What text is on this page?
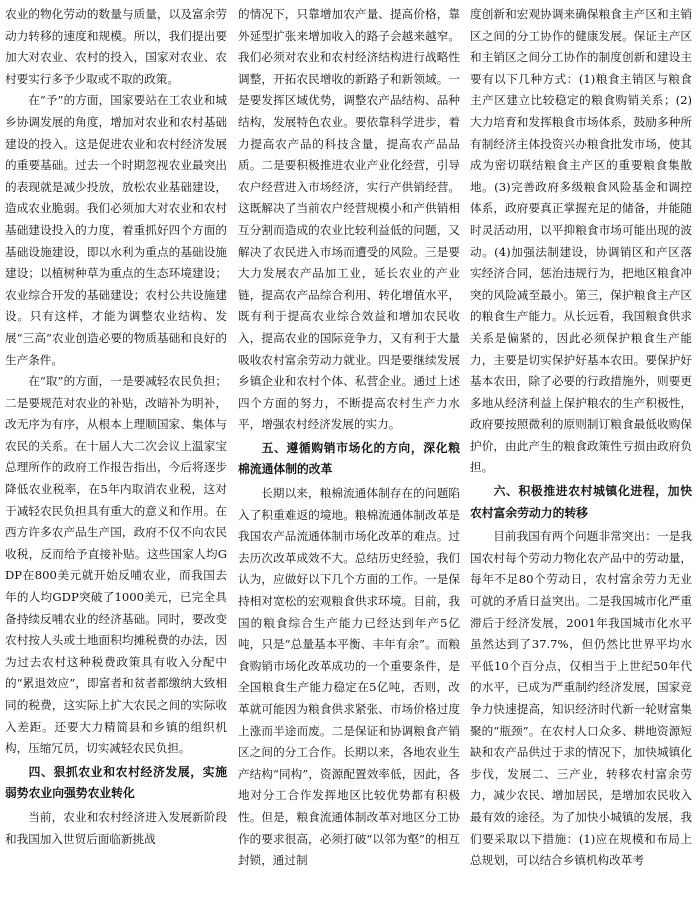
农业的物化劳动的数量与质量，以及富余劳动力转移的速度和规模。所以，我们提出要加大对农业、农村的投入，国家对农业、农村要实行多予少取或不取的政策。

在“予”的方面，国家要站在工农业和城乡协调发展的角度，增加对农业和农村基础建设的投入。这是促进农业和农村经济发展的重要基础。过去一个时期忽视农业最突出的表现就是减少投放，放松农业基础建设，造成农业脆弱。我们必须加大对农业和农村基础建设投入的力度，着重抓好四个方面的基础设施建设，即以水利为重点的基础设施建设；以植树种草为重点的生态环境建设；农业综合开发的基础建设；农村公共设施建设。只有这样，才能为调整农业结构、发展“三高”农业创造必要的物质基础和良好的生产条件。

在“取”的方面，一是要减轻农民负担；二是要规范对农业的补贴，改暗补为明补，改无序为有序，从根本上理顺国家、集体与农民的关系。在十届人大二次会议上温家宝总理所作的政府工作报告指出，今后将逐步降低农业税率，在5年内取消农业税，这对于减轻农民负担具有重大的意义和作用。在西方许多农产品生产国，政府不仅不向农民收税，反而给予直接补贴。这些国家人均GDP在800美元就开始反哺农业，而我国去年的人均GDP突破了1000美元，已完全具备持续反哺农业的经济基础。同时，要改变农村按人头或土地面积均摊税费的办法，因为过去农村这种税费政策具有收入分配中的“累退效应”，即富者和贫者都缴纳大致相同的税费，这实际上扩大农民之间的实际收入差距。还要大力精简县和乡镇的组织机构，压缩冗员，切实减轻农民负担。

四、狠抓农业和农村经济发展，实施弱势农业向强势农业转化

当前，农业和农村经济进入发展新阶段和我国加入世贸后面临新挑战

的情况下，只靠增加农产量、提高价格，靠外延型扩张来增加收入的路子会越来越窄。我们必须对农业和农村经济结构进行战略性调整，开拓农民增收的新路子和新领域。一是要发挥区域优势，调整农产品结构、品种结构，发展特色农业。要依靠科学进步，着力提高农产品的科技含量，提高农产品品质。二是要积极推进农业产业化经营，引导农户经营进入市场经济，实行产供销经营。这既解决了当前农户经营规模小和产供销相互分割而造成的农业比较利益低的问题，又解决了农民进入市场而遭受的风险。三是要大力发展农产品加工业，延长农业的产业链，提高农产品综合利用、转化增值水平，既有利于提高农业综合效益和增加农民收入，提高农业的国际竞争力，又有利于大量吸收农村富余劳动力就业。四是要继续发展乡镇企业和农村个体、私营企业。通过上述四个方面的努力，不断提高农村生产力水平，增强农村经济发展的实力。

五、遵循购销市场化的方向，深化粮棉流通体制的改革

长期以来，粮棉流通体制存在的问题陷入了积重难返的境地。粮棉流通体制改革是我国农产品流通体制市场化改革的难点。过去历次改革成效不大。总结历史经验，我们认为，应做好以下几个方面的工作。一是保持相对宽松的宏观粮食供求环境。目前，我国的粮食综合生产能力已经达到年产5亿吨，只是“总量基本平衡、丰年有余”。而粮食购销市场化改革成功的一个重要条件，是全国粮食生产能力稳定在5亿吨，否则，改革就可能因为粮食供求紧张、市场价格过度上涨而半途而废。二是保证和协调粮食产销区之间的分工合作。长期以来，各地农业生产结构“同构”，资源配置效率低，因此，各地对分工合作发挥地区比较优势都有积极性。但是，粮食流通体制改革对地区分工协作的要求很高，必须打破“以邻为壑”的相互封锁，通过制

度创新和宏观协调来确保粮食主产区和主销区之间的分工协作的健康发展。保证主产区和主销区之间分工协作的制度创新和建设主要有以下几种方式：(1)粮食主销区与粮食主产区建立比较稳定的粮食购销关系；(2)大力培育和发挥粮食市场体系，鼓励多种所有制经济主体投资兴办粮食批发市场，使其成为密切联结粮食主产区的重要粮食集散地。(3)完善政府多级粮食风险基金和调控体系，政府要真正掌握充足的储备，并能随时灵活动用，以平抑粮食市场可能出现的波动。(4)加强法制建设，协调销区和产区落实经济合同，惩治违规行为，把地区粮食冲突的风险减至最小。第三，保护粮食主产区的粮食生产能力。从长远看，我国粮食供求关系是偏紧的，因此必须保护粮食生产能力，主要是切实保护好基本农田。要保护好基本农田，除了必要的行政措施外，则要更多地从经济利益上保护粮农的生产积极性，政府要按照微利的原则制订粮食最低收购保护价，由此产生的粮食政策性亏损由政府负担。

六、积极推进农村城镇化进程，加快农村富余劳动力的转移

目前我国有两个问题非常突出：一是我国农村每个劳动力物化农产品中的劳动量，每年不足80个劳动日，农村富余劳力无业可就的矛盾日益突出。二是我国城市化严重滞后于经济发展，2001年我国城市化水平虽然达到了37.7%，但仍然比世界平均水平低10个百分点，仅相当于上世纪50年代的水平，已成为严重制约经济发展，国家竞争力快速提高，知识经济时代新一轮财富集聚的“瓶颈”。在农村人口众多、耕地资源短缺和农产品供过于求的情况下，加快城镇化步伐，发展二、三产业，转移农村富余劳力，减少农民、增加居民，是增加农民收入最有效的途径。为了加快小城镇的发展，我们要采取以下措施：(1)应在规模和布局上总规划，可以结合乡镇机构改革考
